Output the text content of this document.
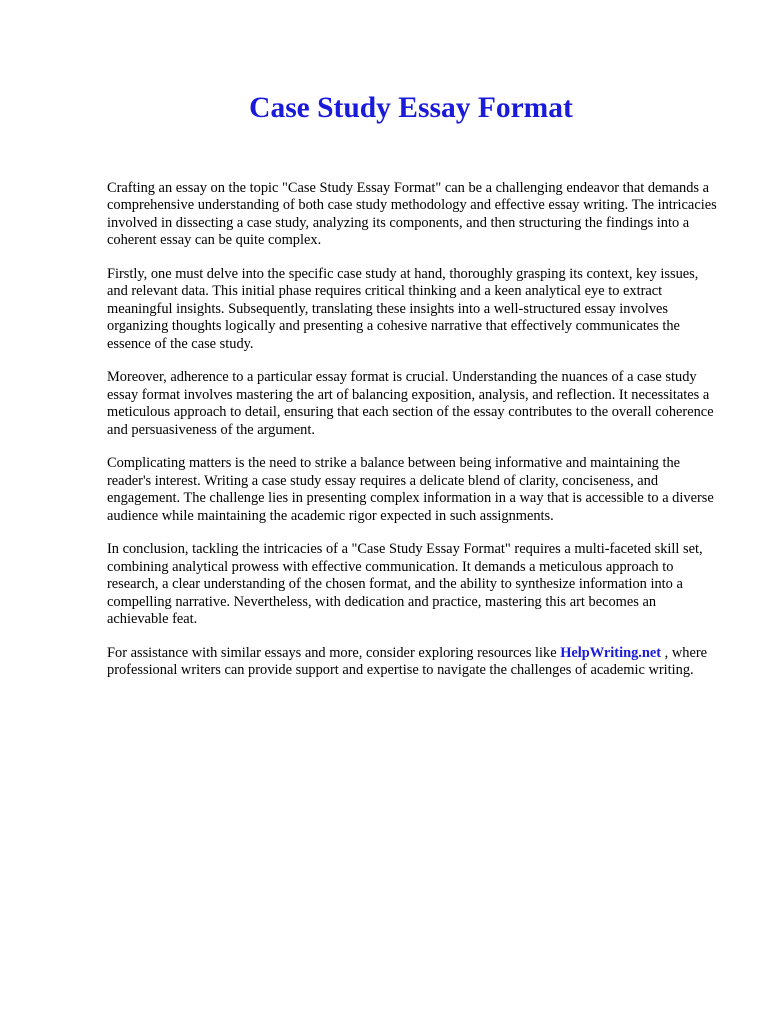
Case Study Essay Format

Crafting an essay on the topic "Case Study Essay Format" can be a challenging endeavor that demands a comprehensive understanding of both case study methodology and effective essay writing. The intricacies involved in dissecting a case study, analyzing its components, and then structuring the findings into a coherent essay can be quite complex.

Firstly, one must delve into the specific case study at hand, thoroughly grasping its context, key issues, and relevant data. This initial phase requires critical thinking and a keen analytical eye to extract meaningful insights. Subsequently, translating these insights into a well-structured essay involves organizing thoughts logically and presenting a cohesive narrative that effectively communicates the essence of the case study.

Moreover, adherence to a particular essay format is crucial. Understanding the nuances of a case study essay format involves mastering the art of balancing exposition, analysis, and reflection. It necessitates a meticulous approach to detail, ensuring that each section of the essay contributes to the overall coherence and persuasiveness of the argument.

Complicating matters is the need to strike a balance between being informative and maintaining the reader's interest. Writing a case study essay requires a delicate blend of clarity, conciseness, and engagement. The challenge lies in presenting complex information in a way that is accessible to a diverse audience while maintaining the academic rigor expected in such assignments.

In conclusion, tackling the intricacies of a "Case Study Essay Format" requires a multi-faceted skill set, combining analytical prowess with effective communication. It demands a meticulous approach to research, a clear understanding of the chosen format, and the ability to synthesize information into a compelling narrative. Nevertheless, with dedication and practice, mastering this art becomes an achievable feat.

For assistance with similar essays and more, consider exploring resources like HelpWriting.net , where professional writers can provide support and expertise to navigate the challenges of academic writing.
